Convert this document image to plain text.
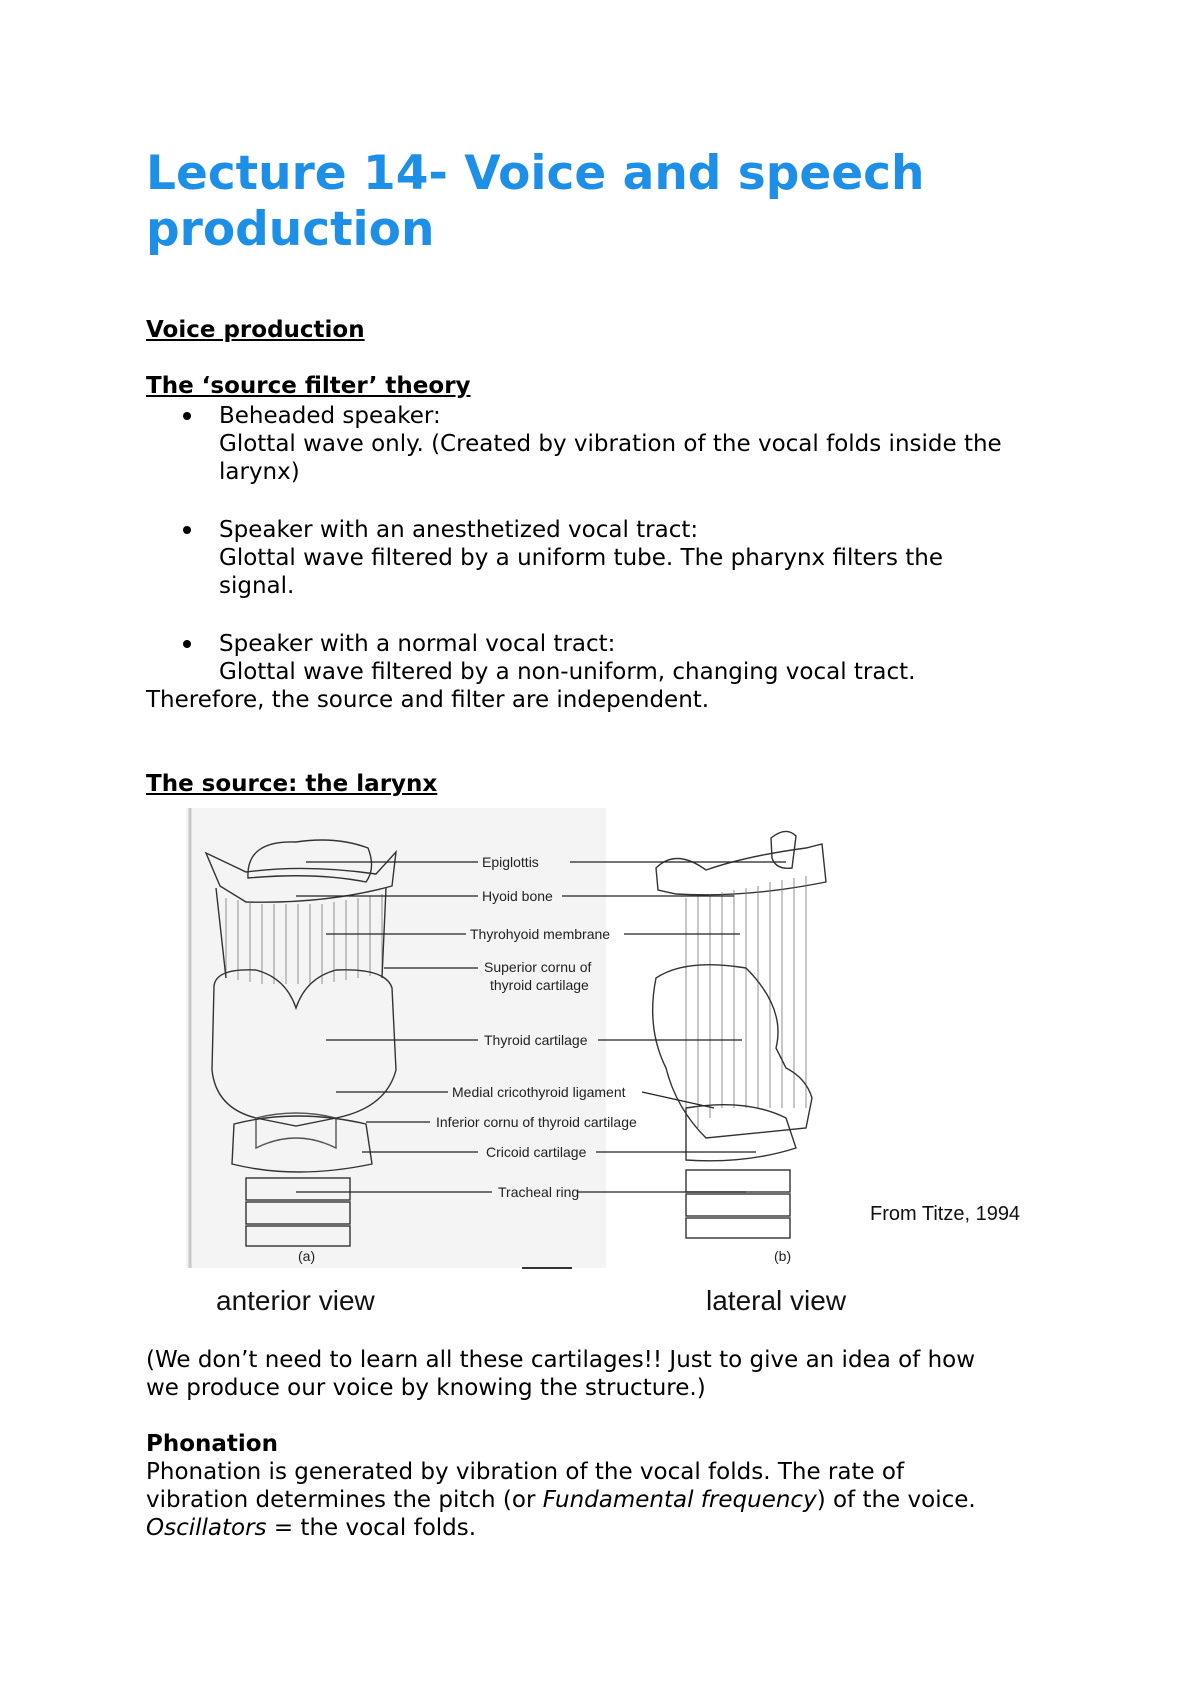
Lecture 14- Voice and speech production

Voice production

The ‘source filter’ theory

Beheaded speaker:

Glottal wave only. (Created by vibration of the vocal folds inside the

larynx)

Speaker with an anesthetized vocal tract:

Glottal wave filtered by a uniform tube. The pharynx filters the

signal.

Speaker with a normal vocal tract:

Glottal wave filtered by a non-uniform, changing vocal tract.

Therefore, the source and filter are independent.

The source: the larynx

Epiglottis
Hyoid bone
Thyrohyoid membrane
Superior cornu of
thyroid cartilage
Thyroid cartilage
Medial cricothyroid ligament
Inferior cornu of thyroid cartilage
Cricoid cartilage
Tracheal ring
(a)	(b)
From Titze, 1994
anterior view	lateral view

(We don’t need to learn all these cartilages!! Just to give an idea of how

we produce our voice by knowing the structure.)

Phonation

Phonation is generated by vibration of the vocal folds. The rate of

vibration determines the pitch (or Fundamental frequency) of the voice.

Oscillators = the vocal folds.
